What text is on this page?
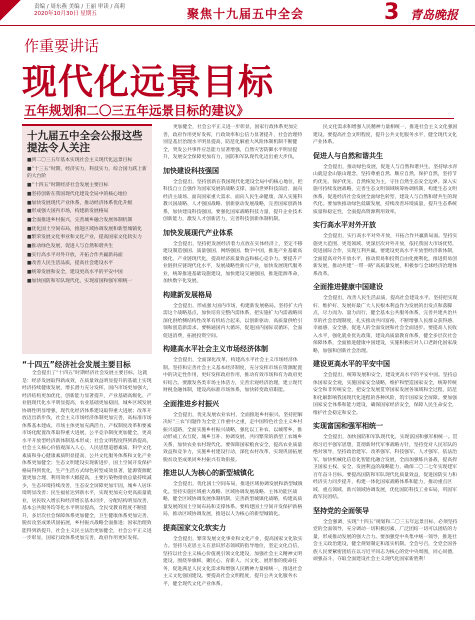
责编 / 周东燕 美编 / 王丽 审读 / 高莉
2020年10月30日 星期五	聚焦十九届五中全会	3 青岛晚报
作重要讲话
现代化远景目标
五年规划和二〇三五年远景目标的建议》
十九届五中全会公报这些提法令人关注

■到二〇三五年基本实现社会主义现代化远景目标

■“十三五”时期，经济实力、科技实力、综合国力跃上新的大台阶

■“十四五”时期经济社会发展主要目标

■坚持创新在我国现代化建设全局中的核心地位

■加快发展现代产业体系，推动经济体系优化升级

■形成强大国内市场，构建新发展格局

■全面推进乡村振兴，完善城乡融合发展体制机制

■优化国土空间布局，推进区域协调发展和新型城镇化

■繁荣发展文化事业和文化产业，提高国家文化软实力

■推动绿色发展，促进人与自然和谐共生

■实行高水平对外开放，开拓合作共赢新局面

■改善人民生活品质，提高社会建设水平

■统筹发展和安全，建设更高水平的平安中国

■加快国防和军队现代化，实现富国和强军相统一

“十四五”经济社会发展主要目标

全会提出了“十四五”时期经济社会发展主要目标，这就是：经济发展取得新成效，在质量效益明显提升的基础上实现经济持续健康发展，增长潜力充分发挥，国内市场更加强大，经济结构更加优化，创新能力显著提升，产业基础高级化、产业链现代化水平明显提高，农业基础更加稳固，城乡区域发展协调性明显增强，现代化经济体系建设取得重大进展；改革开放迈出新步伐，社会主义市场经济体制更加完善，高标准市场体系基本建成，市场主体更加充满活力，产权制度改革和要素市场化配置改革取得重大进展，公平竞争制度更加健全，更高水平开放型经济新体制基本形成；社会文明程度得到新提高，社会主义核心价值观深入人心，人民思想道德素质、科学文化素质和身心健康素质明显提高，公共文化服务体系和文化产业体系更加健全；生态文明建设实现新进步，国土空间开发保护格局得到优化，生产生活方式绿色转型成效显著，能源资源配置更加合理、利用效率大幅提高，主要污染物排放总量持续减少，生态环境持续改善，生态安全屏障更加牢固，城乡人居环境明显改善；民生福祉达到新水平，实现更加充分更高质量就业，居民收入增长和经济增长基本同步，分配结构明显改善，基本公共服务均等化水平明显提高，全民受教育程度不断提升，多层次社会保障体系更加健全，卫生健康体系更加完善，脱贫攻坚成果巩固拓展，乡村振兴战略全面推进；国家治理效能得到新提升，社会主义民主法治更加健全，社会公平正义进一步彰显，国家行政体系更加完善，政府作用更好发挥。

更加健全，社会公平正义进一步彰显，国家行政体系更加完善，政府作用更好发挥，行政效率和公信力显著提升，社会治理特别是基层治理水平明显提高，防范化解重大风险体制机制不断健全，突发公共事件应急能力显著增强，自然灾害防御水平明显提升，发展安全保障更加有力，国防和军队现代化迈出重大步伐。

加快建设科技强国

全会提出，坚持创新在我国现代化建设全局中的核心地位，把科技自立自强作为国家发展的战略支撑，面向世界科技前沿、面向经济主战场、面向国家重大需求、面向人民生命健康，深入实施科教兴国战略、人才强国战略、创新驱动发展战略，完善国家创新体系，加快建设科技强国。要强化国家战略科技力量，提升企业技术创新能力，激发人才创新活力，完善科技创新体制机制。

加快发展现代产业体系

全会提出，坚持把发展经济着力点放在实体经济上，坚定不移建设制造强国、质量强国、网络强国、数字中国，推进产业基础高级化、产业链现代化，提高经济质量效益和核心竞争力。要提升产业链供应链现代化水平，发展战略性新兴产业，加快发展现代服务业，统筹推进基础设施建设，加快建设交通强国，推进能源革命，加快数字化发展。

构建新发展格局

全会提出，形成强大国内市场，构建新发展格局。坚持扩大内需这个战略基点，加快培育完整内需体系，把实施扩大内需战略同深化供给侧结构性改革有机结合起来，以创新驱动、高质量供给引领和创造新需求。要畅通国内大循环，促进国内国际双循环，全面促进消费，拓展投资空间。

构建高水平社会主义市场经济体制

全会提出，全面深化改革，构建高水平社会主义市场经济体制。坚持和完善社会主义基本经济制度，充分发挥市场在资源配置中的决定性作用，更好发挥政府作用，推动有效市场和有为政府更好结合。要激发各类市场主体活力，完善宏观经济治理，建立现代财税金融体制，建设高标准市场体系，加快转变政府职能。

全面推进乡村振兴

全会提出，优先发展农业农村，全面推进乡村振兴。坚持把解决好“三农”问题作为全党工作重中之重，走中国特色社会主义乡村振兴道路，全面实施乡村振兴战略，强化以工补农、以城带乡，推动形成工农互促、城乡互补、协调发展、共同繁荣的新型工农城乡关系，加快农业农村现代化。要保障国家粮食安全，提高农业质量效益和竞争力，实施乡村建设行动，深化农村改革，实现巩固拓展脱贫攻坚成果同乡村振兴有效衔接。

推进以人为核心的新型城镇化

全会提出，优化国土空间布局，推进区域协调发展和新型城镇化。坚持实施区域重大战略、区域协调发展战略、主体功能区战略，健全区域协调发展体制机制，完善新型城镇化战略，构建高质量发展的国土空间布局和支撑体系。要构建国土空间开发保护新格局，推动区域协调发展，推进以人为核心的新型城镇化。

提高国家文化软实力

全会提出，繁荣发展文化事业和文化产业，提高国家文化软实力。坚持马克思主义在意识形态领域的指导地位，坚定文化自信，坚持以社会主义核心价值观引领文化建设，加强社会主义精神文明建设，围绕举旗帜、聚民心、育新人、兴文化、展形象的使命任务，促进满足人民文化需求和增强人民精神力量相统一，推进社会主义文化强国建设。要提高社会文明程度，提升公共文化服务水平，健全现代文化产业体系。

民文化需求和增强人民精神力量相统一，推进社会主义文化强国建设。要提高社会文明程度，提升公共文化服务水平，健全现代文化产业体系。

促进人与自然和谐共生

全会提出，推动绿色发展，促进人与自然和谐共生。坚持绿水青山就是金山银山理念，坚持尊重自然、顺应自然、保护自然，坚持节约优先、保护优先、自然恢复为主，守住自然生态安全边界。深入实施可持续发展战略，完善生态文明领域统筹协调机制，构建生态文明体系，促进经济社会发展全面绿色转型，建设人与自然和谐共生的现代化。要加快推动绿色低碳发展，持续改善环境质量，提升生态系统质量和稳定性，全面提高资源利用效率。

实行高水平对外开放

全会提出，实行高水平对外开放，开拓合作共赢新局面。坚持实施更大范围、更宽领域、更深层次对外开放，依托我国大市场优势，促进国际合作，实现互利共赢。要建设更高水平开放型经济新体制，全面提高对外开放水平，推动贸易和投资自由化便利化，推进贸易创新发展，推动共建“一带一路”高质量发展，积极参与全球经济治理体系改革。

全面推进健康中国建设

全会提出，改善人民生活品质，提高社会建设水平。坚持把实现好、维护好、发展好最广大人民根本利益作为发展的出发点和落脚点，尽力而为、量力而行，健全基本公共服务体系，完善共建共治共享的社会治理制度，扎实推动共同富裕，不断增强人民群众获得感、幸福感、安全感，促进人的全面发展和社会全面进步。要提高人民收入水平，强化就业优先政策，建设高质量教育体系，健全多层次社会保障体系，全面推进健康中国建设，实施积极应对人口老龄化国家战略，加强和创新社会治理。

建设更高水平的平安中国

全会提出，统筹发展和安全，建设更高水平的平安中国。坚持总体国家安全观，实施国家安全战略，维护和塑造国家安全，统筹传统安全和非传统安全，把安全发展贯穿国家发展各领域和全过程，防范和化解影响我国现代化进程的各种风险，筑牢国家安全屏障。要加强国家安全体系和能力建设，确保国家经济安全，保障人民生命安全，维护社会稳定和安全。

实现富国和强军相统一

全会提出，加快国防和军队现代化，实现富国和强军相统一。贯彻习近平强军思想，贯彻新时代军事战略方针，坚持党对人民军队的绝对领导，坚持政治建军、改革强军、科技强军、人才强军、依法治军，加快机械化信息化智能化融合发展，全面加强练兵备战，提高捍卫国家主权、安全、发展利益的战略能力，确保二〇二七年实现建军百年奋斗目标。要提高国防和军队现代化质量效益，促进国防实力和经济实力同步提升，构建一体化国家战略体系和能力，推动重点区域、重点领域、新兴领域协调发展，优化国防科技工业布局，巩固军政军民团结。

坚持党的全面领导

全会强调，实现“十四五”规划和二〇三五年远景目标，必须坚持党的全面领导，充分调动一切积极因素，广泛团结一切可以团结的力量，形成推动发展的强大合力。要加强党中央集中统一领导，推进社会主义政治建设，健全规划制定和落实机制。全会号召，全党全国各族人民要紧密团结在以习近平同志为核心的党中央周围，同心同德，顽强奋斗，夺取全面建设社会主义现代化国家新胜利！
